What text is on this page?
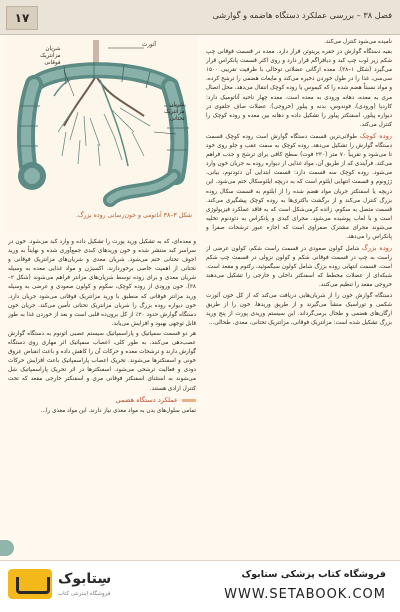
۱۷	فصل ۳۸ – بررسی عملکرد دستگاه هاضمه و گوارشی
آئورت
شریان
مزانتریک
فوقانی
شریان
مزانتریک
تحتانی
شکل ۳–۳۸ آناتومی و خون‌رسانی روده بزرگ.

نامیده می‌شود کنترل می‌کند.

بقیه دستگاه گوارش در حفره پریتوئن قرار دارد. معده در قسمت فوقانی چپ شکم زیر لوب چپ کبد و دیافراگم قرار دارد و روی اکثر قسمت پانکراس قرار می‌گیرد (شکل ۱–۳۸). معده ارگانی عضلانی توخالی با ظرفیت تقریبی ۱۵۰۰ سی‌سی، غذا را در طول خوردن ذخیره می‌کند و مایعات هضمی را ترشح کرده، و مواد نسبتاً هضم شده را که کیموس یا روده کوچک انتقال می‌دهد. محل اتصال مری به معده، دهانه ورودی به معده است. معده چهار ناحیه آناتومیک دارد: کاردیا (ورودی)، فوندوس، بدنه و پیلور (خروجی). عضلات صاف حلقوی در دیواره پیلور، اسفنکتر پیلور را تشکیل داده و دهانه بین معده و روده کوچک را کنترل می‌کند.

روده کوچک طولانی‌ترین قسمت دستگاه گوارش است روده کوچک قسمت دستگاه گوارش را تشکیل می‌دهد. روده کوچک به سمت عقب و جلو روی خود تا می‌شود و تقریباً ۷۰ متر (۲۳۰ فوت) سطح کافی برای ترشح و جذب فراهم می‌کند. فرآیندی که از طریق آن، مواد غذایی از دیواره روده به جریان خون وارد می‌شود. روده کوچک سه قسمت دارد: قسمت ابتدایی آن دئودنوم، بیانی، ژژونوم و قسمت انتهایی ایلئوم است که به دریچه ایلئوسکال ختم می‌شود. این دریچه یا اسفنکتر جریان مواد هضم شده را از ایلئوم به قسمت سکال روده بزرگ کنترل می‌کند و از برگشت باکتری‌ها به روده کوچک پیشگیری می‌کند. قسمت متصل به سکوم، زائده کرمی‌شکل است که به فاقد عملکرد فیزیولوژی است و با لعاب پوشیده می‌شود. مجرای کبدی و پانکراس به دئودنوم تخلیه می‌شوند مجرای مشترک صفراوی است که اجازه عبور ترشحات صفرا و پانکراس را می‌دهد.

روده بزرگ شامل کولون صعودی در قسمت راست شکم، کولون عرضی از راست به چپ در قسمت فوقانی شکم و کولون نزولی در قسمت چپ شکم است. قسمت انتهایی روده بزرگ شامل کولون سیگموئید، رکتوم و مقعد است. شبکه‌ای از عضلات مخطط که اسفنکتر داخلی و خارجی را تشکیل می‌دهند خروجی مقعد را تنظیم می‌کنند.

دستگاه گوارش خون را از شریان‌هایی دریافت می‌کند که از کل خون آئورت شکمی و توراسیک منشأ می‌گیرند و از طریق وریدها، خون را از طریق ارگان‌های هضمی و طحال برمی‌گرداند. این سیستم وریدی پورت از پنج ورید بزرگ تشکیل شده است: مزانتریک فوقانی، مزانتریک تحتانی، معدی، طحالی...

و معده‌ای، که به تشکیل ورید پورت را تشکیل داده و وارد کبد می‌شود. خون در سراسر کبد منتشر شده و خون وریدهای کبدی جمع‌آوری شده و نهایتاً به ورید اجوف تحتانی ختم می‌شود. شریان معدی و شریان‌های مزانتریک فوقانی و تحتانی از اهمیت خاصی برخوردارند. اکسیژن و مواد غذایی معده به وسیله شریان معدی و برای روده توسط شریان‌های مزانتر فراهم می‌شوند (شکل ۲–۳۸). خون ورودی از روده کوچک، سکوم و کولون صعودی و عرضی به وسیله ورید مزانتر فوقانی که منطبق با ورید مزانتریک فوقانی می‌شود جریان دارد. خون دیواره روده بزرگ را شریان مزانتریک تحتانی تأمین می‌کند. جریان خون دستگاه گوارش حدود ۲۰٪ از کل برون‌ده قلبی است و بعد از خوردن غذا به طور قابل توجهی بهبود و افزایش می‌یابد.

هر دو قسمت سمپاتیک و پاراسمپاتیک سیستم عصبی اتونوم به دستگاه گوارش عصب‌دهی می‌کنند. به طور کلی، اعصاب سمپاتیک اثر مهاری روی دستگاه گوارش دارند و ترشحات معده و حرکات آن را کاهش داده و باعث انقباض عروق خونی و اسفنکترها می‌شوند. تحریک اعصاب پاراسمپاتیک باعث افزایش حرکات دودی و فعالیت ترشحی می‌شود. اسفنکترها در اثر تحریک پاراسمپاتیک شل می‌شوند به استثنای اسفنکتر فوقانی مری و اسفنکتر خارجی مقعد که تحت کنترل ارادی هستند.

عملکرد دستگاه هضمی

تمامی سلول‌های بدن به مواد مغذی نیاز دارند. این مواد مغذی را...

سِتابوک
فروشگاه اینترنتی کتاب
فروشگاه کتاب پزشکی ستابوک
WWW.SETABOOK.COM
